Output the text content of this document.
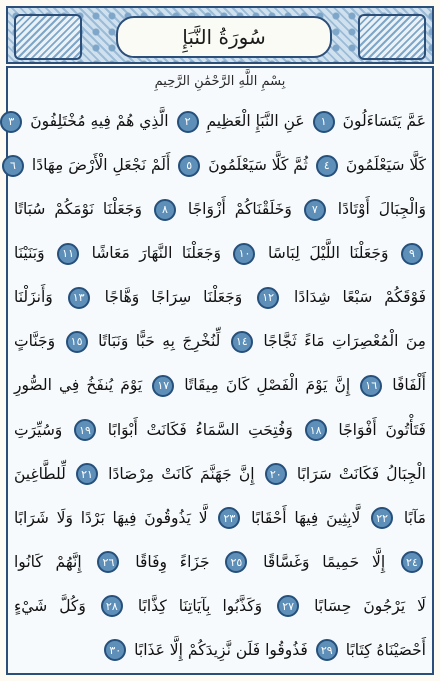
سُورَةُ النَّبَإِ
بِسْمِ اللَّهِ الرَّحْمَٰنِ الرَّحِيمِ
عَمَّ يَتَسَاءَلُونَ ١ عَنِ النَّبَإِ الْعَظِيمِ ٢ الَّذِي هُمْ فِيهِ مُخْتَلِفُونَ ٣
كَلَّا سَيَعْلَمُونَ ٤ ثُمَّ كَلَّا سَيَعْلَمُونَ ٥ أَلَمْ نَجْعَلِ الْأَرْضَ مِهَادًا ٦
وَالْجِبَالَ أَوْتَادًا ٧ وَخَلَقْنَاكُمْ أَزْوَاجًا ٨ وَجَعَلْنَا نَوْمَكُمْ سُبَاتًا
٩ وَجَعَلْنَا اللَّيْلَ لِبَاسًا ١٠ وَجَعَلْنَا النَّهَارَ مَعَاشًا ١١ وَبَنَيْنَا
فَوْقَكُمْ سَبْعًا شِدَادًا ١٢ وَجَعَلْنَا سِرَاجًا وَهَّاجًا ١٣ وَأَنزَلْنَا
مِنَ الْمُعْصِرَاتِ مَاءً ثَجَّاجًا ١٤ لِّنُخْرِجَ بِهِ حَبًّا وَنَبَاتًا ١٥ وَجَنَّاتٍ
أَلْفَافًا ١٦ إِنَّ يَوْمَ الْفَصْلِ كَانَ مِيقَاتًا ١٧ يَوْمَ يُنفَخُ فِي الصُّورِ
فَتَأْتُونَ أَفْوَاجًا ١٨ وَفُتِحَتِ السَّمَاءُ فَكَانَتْ أَبْوَابًا ١٩ وَسُيِّرَتِ
الْجِبَالُ فَكَانَتْ سَرَابًا ٢٠ إِنَّ جَهَنَّمَ كَانَتْ مِرْصَادًا ٢١ لِّلطَّاغِينَ
مَآبًا ٢٢ لَّابِثِينَ فِيهَا أَحْقَابًا ٢٣ لَّا يَذُوقُونَ فِيهَا بَرْدًا وَلَا شَرَابًا
٢٤ إِلَّا حَمِيمًا وَغَسَّاقًا ٢٥ جَزَاءً وِفَاقًا ٢٦ إِنَّهُمْ كَانُوا
لَا يَرْجُونَ حِسَابًا ٢٧ وَكَذَّبُوا بِآيَاتِنَا كِذَّابًا ٢٨ وَكُلَّ شَيْءٍ
أَحْصَيْنَاهُ كِتَابًا ٢٩ فَذُوقُوا فَلَن نَّزِيدَكُمْ إِلَّا عَذَابًا ٣٠
